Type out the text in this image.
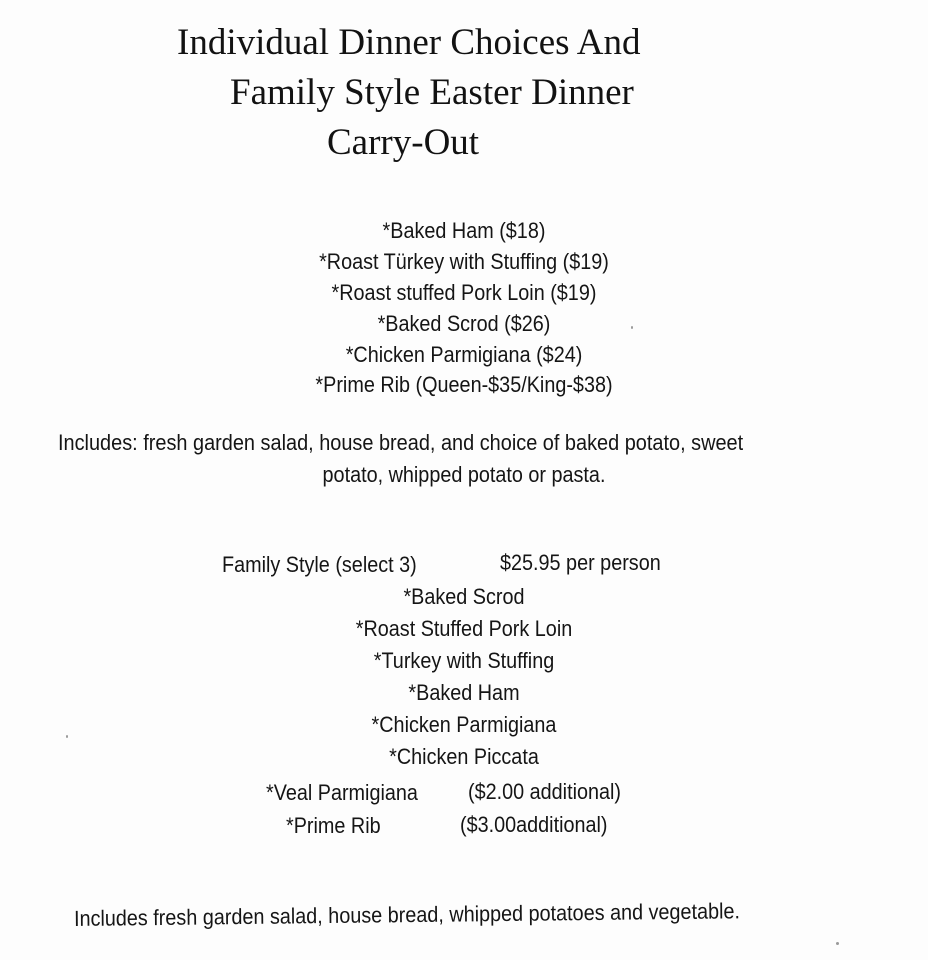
Individual Dinner Choices And
Family Style Easter Dinner
Carry-Out
*Baked Ham ($18)
*Roast Türkey with Stuffing ($19)
*Roast stuffed Pork Loin ($19)
*Baked Scrod ($26)
*Chicken Parmigiana ($24)
*Prime Rib (Queen-$35/King-$38)
Includes: fresh garden salad, house bread, and choice of baked potato, sweet
potato, whipped potato or pasta.
Family Style (select 3)	$25.95 per person
*Baked Scrod
*Roast Stuffed Pork Loin
*Turkey with Stuffing
*Baked Ham
*Chicken Parmigiana
*Chicken Piccata
*Veal Parmigiana ($2.00 additional)
*Prime Rib	($3.00additional)
Includes fresh garden salad, house bread, whipped potatoes and vegetable.
